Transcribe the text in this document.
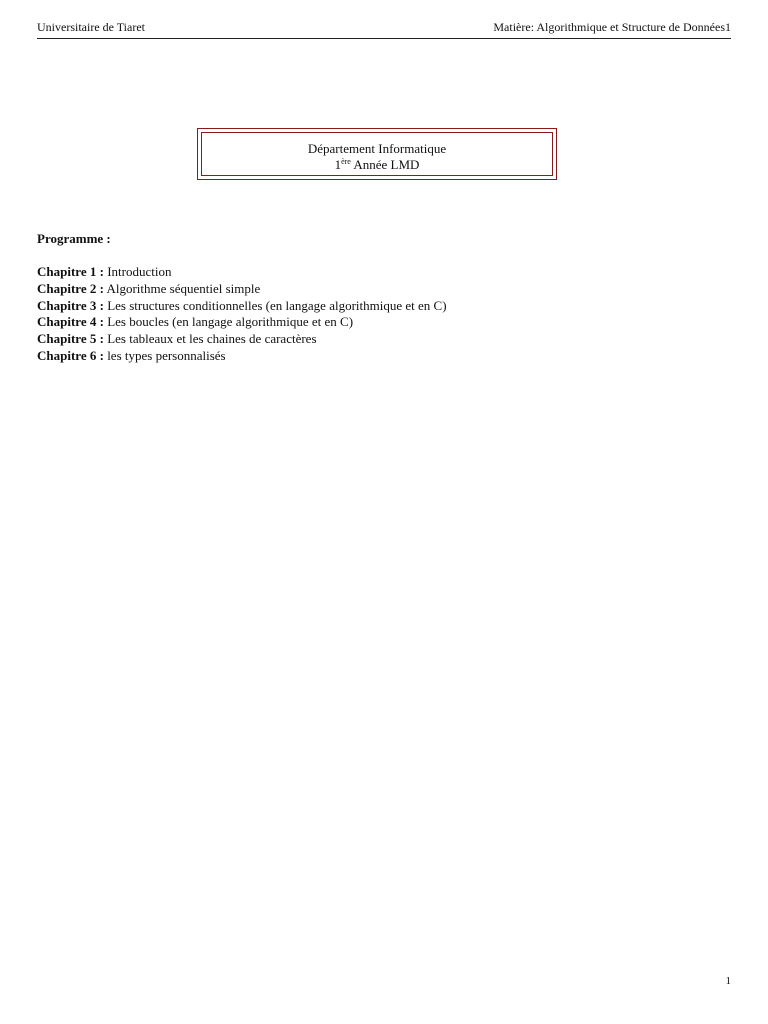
Universitaire de Tiaret	Matière: Algorithmique et Structure de Données1
Département Informatique
1ère Année LMD
Programme :
Chapitre 1 : Introduction
Chapitre 2 : Algorithme séquentiel simple
Chapitre 3 : Les structures conditionnelles (en langage algorithmique et en C)
Chapitre 4 : Les boucles (en langage algorithmique et en C)
Chapitre 5 : Les tableaux et les chaines de caractères
Chapitre 6 : les types personnalisés
1
